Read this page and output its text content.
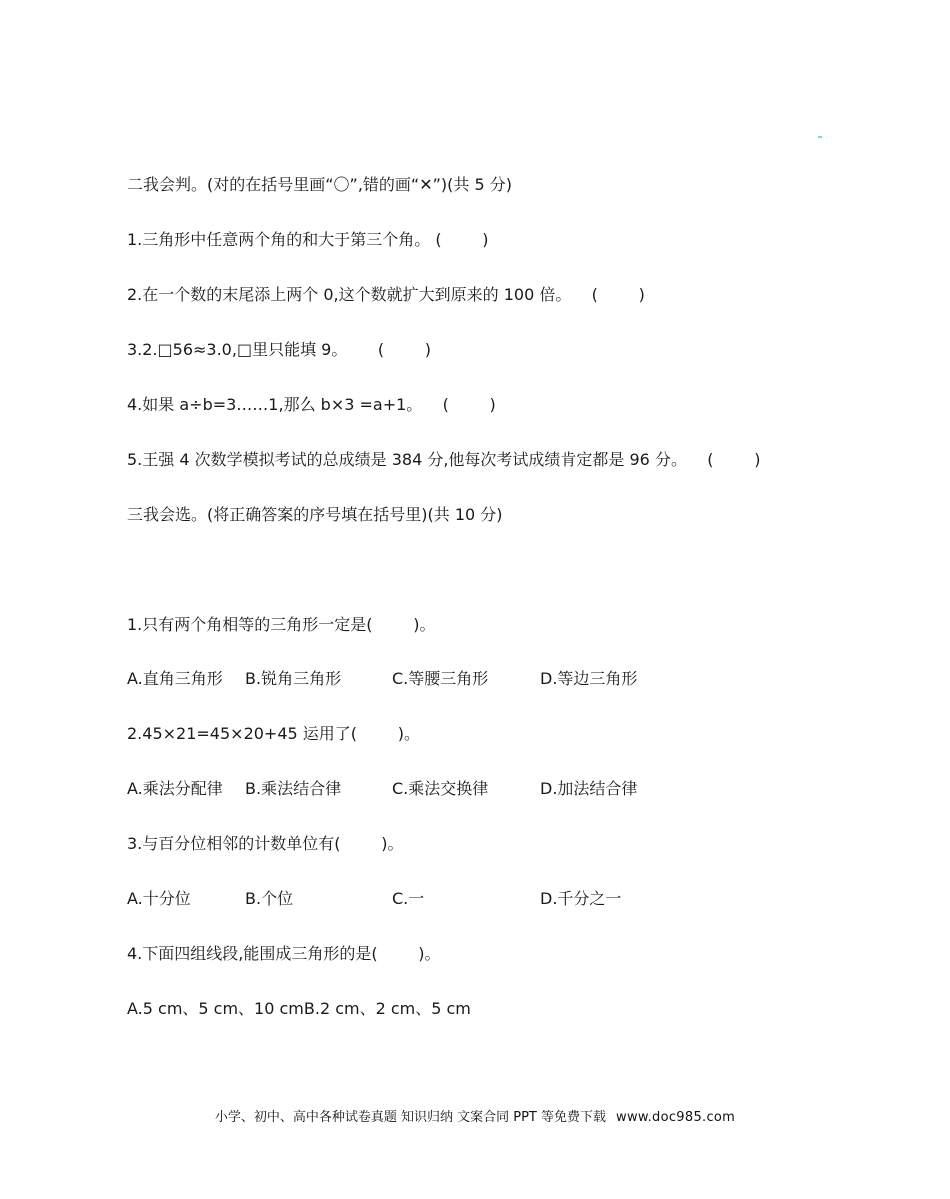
二我会判。(对的在括号里画“〇”,错的画“✕”)(共 5 分)
1.三角形中任意两个角的和大于第三个角。 (        )
2.在一个数的末尾添上两个 0,这个数就扩大到原来的 100 倍。    (        )
3.2.□56≈3.0,□里只能填 9。      (        )
4.如果 a÷b=3……1,那么 b×3 =a+1。    (        )
5.王强 4 次数学模拟考试的总成绩是 384 分,他每次考试成绩肯定都是 96 分。    (        )
三我会选。(将正确答案的序号填在括号里)(共 10 分)
1.只有两个角相等的三角形一定是(        )。
A.直角三角形 B.锐角三角形	C.等腰三角形	D.等边三角形
2.45×21=45×20+45 运用了(        )。
A.乘法分配律 B.乘法结合律	C.乘法交换律	D.加法结合律
3.与百分位相邻的计数单位有(        )。
A.十分位	B.个位	C.一	D.千分之一
4.下面四组线段,能围成三角形的是(        )。
A.5 cm、5 cm、10 cmB.2 cm、2 cm、5 cm
小学、初中、高中各种试卷真题 知识归纳 文案合同 PPT 等免费下载 www.doc985.com
